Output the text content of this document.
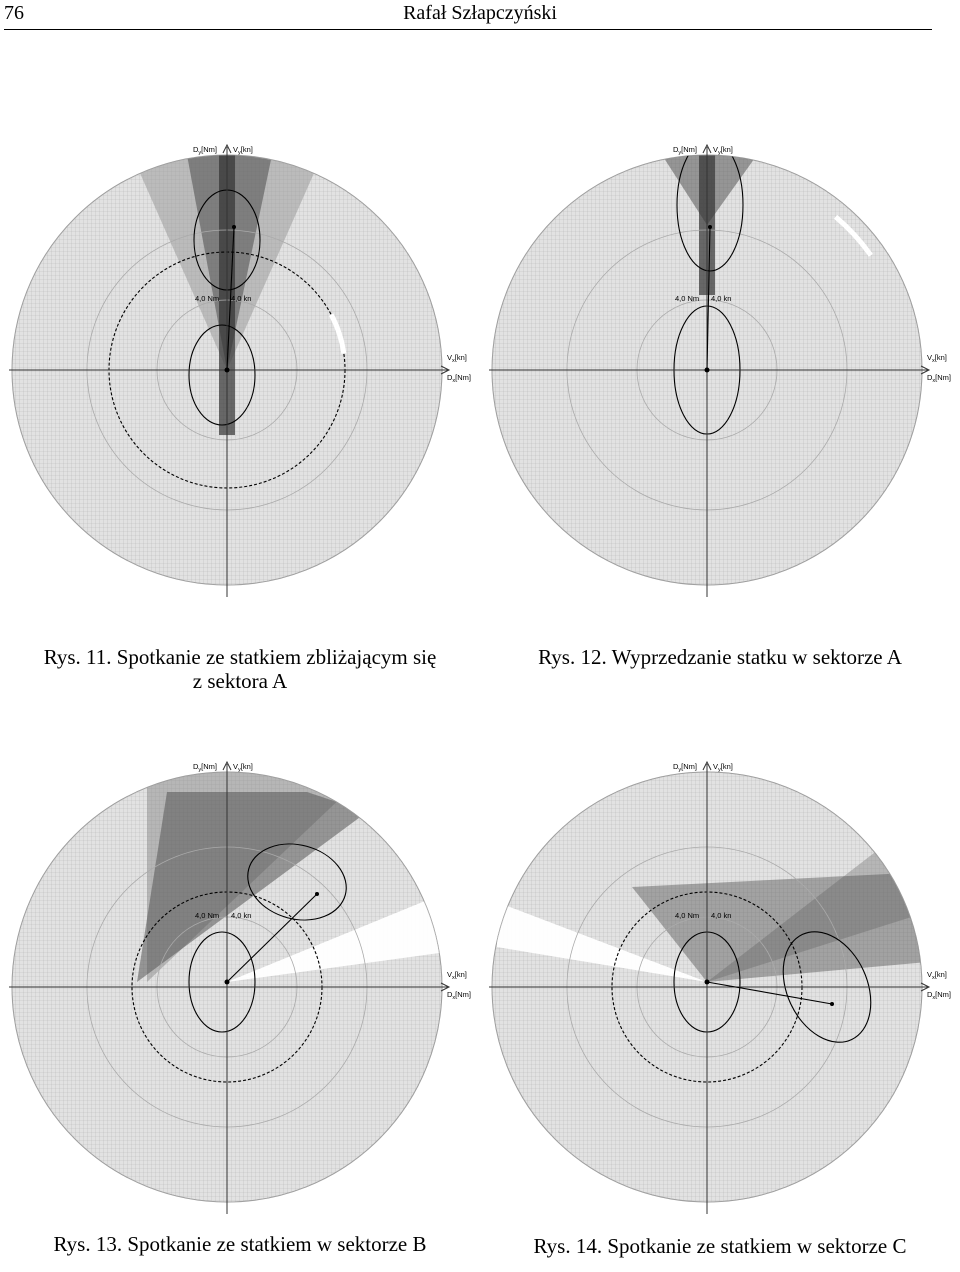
76	Rafał Szłapczyński
$D_y[Nm]$ $V_y[kn]$
$V_x[kn]$
$D_x[Nm]$
4,0 Nm 4,0 kn
Rys. 11. Spotkanie ze statkiem zbliżającym się
z sektora A
$D_y[Nm]$ $V_y[kn]$
$V_x[kn]$
$D_x[Nm]$
4,0 Nm 4,0 kn
Rys. 12. Wyprzedzanie statku w sektorze A
$D_y[Nm]$ $V_y[kn]$
$V_x[kn]$
$D_x[Nm]$
4,0 Nm 4,0 kn
Rys. 13. Spotkanie ze statkiem w sektorze B
$D_y[Nm]$ $V_y[kn]$
$V_x[kn]$
$D_x[Nm]$
4,0 Nm 4,0 kn
Rys. 14. Spotkanie ze statkiem w sektorze C
